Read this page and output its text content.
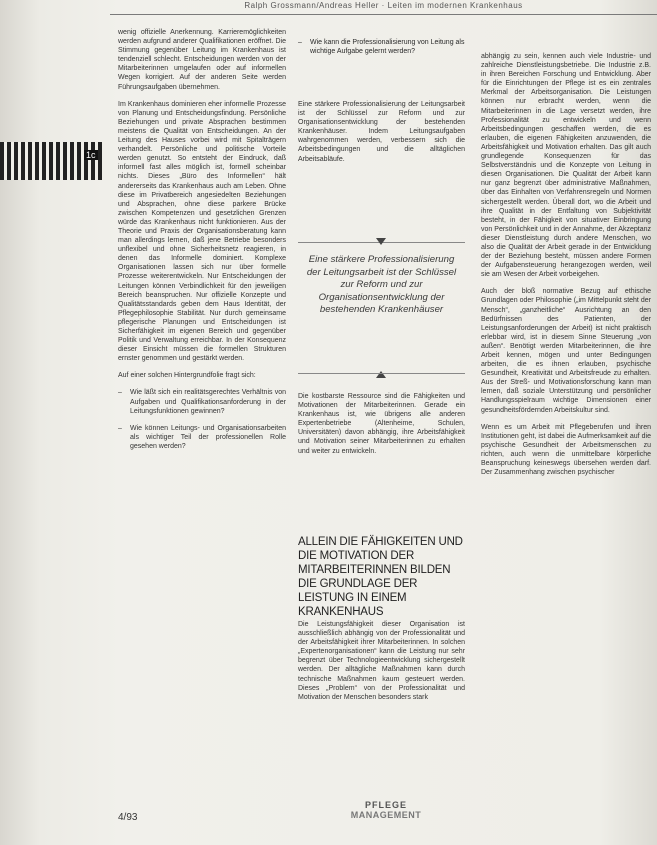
Ralph Grossmann/Andreas Heller · Leiten im modernen Krankenhaus
1c

wenig offizielle Anerkennung. Karrieremöglichkeiten werden aufgrund anderer Qualifikationen eröffnet. Die Stimmung gegenüber Leitung im Krankenhaus ist tendenziell schlecht. Entscheidungen werden von der Mitarbeiterinnen umgelaufen oder auf informellen Wegen korrigiert. Auf der anderen Seite werden Führungsaufgaben übernehmen.

Im Krankenhaus dominieren eher informelle Prozesse von Planung und Entscheidungsfindung. Persönliche Beziehungen und private Absprachen bestimmen meistens die Qualität von Entscheidungen. An der Leitung des Hauses vorbei wird mit Spitalträgern verhandelt. Persönliche und politische Vorteile werden genutzt. So entsteht der Eindruck, daß informell fast alles möglich ist, formell scheinbar nichts. Dieses „Büro des Informellen“ hält andererseits das Krankenhaus auch am Leben. Ohne diese im Privatbereich angesiedelten Beziehungen und Absprachen, ohne diese parkere Brücke zwischen Kompetenzen und gesetzlichen Grenzen würde das Krankenhaus nicht funktionieren. Aus der Theorie und Praxis der Organisationsberatung kann man allerdings lernen, daß jene Betriebe besonders unflexibel und ohne Sicherheitsnetz reagieren, in denen das Informelle dominiert. Komplexe Organisationen lassen sich nur über formelle Prozesse weiterentwickeln. Nur Entscheidungen der Leitungen können Verbindlichkeit für den jeweiligen Bereich beanspruchen. Nur offizielle Konzepte und Qualitätsstandards geben dem Haus Identität, der Pflegephilosophie Stabilität. Nur durch gemeinsame pflegerische Planungen und Entscheidungen ist Sicherfähigkeit im eigenen Bereich und gegenüber Politik und Verwaltung erreichbar. In der Konsequenz dieser Einsicht müssen die formellen Strukturen ernster genommen und gestärkt werden.

Auf einer solchen Hintergrundfolie fragt sich:

– Wie läßt sich ein realitätsgerechtes Verhältnis von Aufgaben und Qualifikationsanforderung in der Leitungsfunktionen gewinnen?
– Wie können Leitungs- und Organisationsarbeiten als wichtiger Teil der professionellen Rolle gesehen werden?
– Wie kann die Professionalisierung von Leitung als wichtige Aufgabe gelernt werden?

Eine stärkere Professionalisierung der Leitungsarbeit ist der Schlüssel zur Reform und zur Organisationsentwicklung der bestehenden Krankenhäuser. Indem Leitungsaufgaben wahrgenommen werden, verbessern sich die Arbeitsbedingungen und die alltäglichen Arbeitsabläufe.

Eine stärkere Professionalisierung der Leitungsarbeit ist der Schlüssel zur Reform und zur Organisationsentwicklung der bestehenden Krankenhäuser

Die kostbarste Ressource sind die Fähigkeiten und Motivationen der Mitarbeiterinnen. Gerade ein Krankenhaus ist, wie übrigens alle anderen Expertenbetriebe (Altenheime, Schulen, Universitäten) davon abhängig, ihre Arbeitsfähigkeit und Motivation seiner Mitarbeiterinnen zu erhalten und weiter zu entwickeln.

ALLEIN DIE FÄHIGKEITEN UND DIE MOTIVATION DER MITARBEITERINNEN BILDEN DIE GRUNDLAGE DER LEISTUNG IN EINEM KRANKENHAUS

Die Leistungsfähigkeit dieser Organisation ist ausschließlich abhängig von der Professionalität und der Arbeitsfähigkeit ihrer Mitarbeiterinnen. In solchen „Expertenorganisationen“ kann die Leistung nur sehr begrenzt über Technologieentwicklung sichergestellt werden. Der alltägliche Maßnahmen kann durch technische Maßnahmen kaum gesteuert werden. Dieses „Problem“ von der Professionalität und Motivation der Menschen besonders stark

abhängig zu sein, kennen auch viele Industrie- und zahlreiche Dienstleistungsbetriebe. Die Industrie z.B. in ihren Bereichen Forschung und Entwicklung. Aber für die Einrichtungen der Pflege ist es ein zentrales Merkmal der Arbeitsorganisation. Die Leistungen können nur erbracht werden, wenn die Mitarbeiterinnen in die Lage versetzt werden, ihre Professionalität zu entwickeln und wenn Arbeitsbedingungen geschaffen werden, die es erlauben, die eigenen Fähigkeiten anzuwenden, die Arbeitsfähigkeit und Motivation erhalten. Das gilt auch grundlegende Konsequenzen für das Selbstverständnis und die Konzepte von Leitung in diesen Organisationen. Die Qualität der Arbeit kann nur ganz begrenzt über administrative Maßnahmen, über das Einhalten von Verfahrensregeln und Normen sichergestellt werden. Überall dort, wo die Arbeit und ihre Qualität in der Entfaltung von Subjektivität besteht, in der Fähigkeit von situativer Einbringung von Persönlichkeit und in der Annahme, der Akzeptanz dieser Dienstleistung durch andere Menschen, wo also die Qualität der Arbeit gerade in der Entwicklung der der Beziehung besteht, müssen andere Formen der Aufgabensteuerung herangezogen werden, weil sie am Wesen der Arbeit vorbeigehen.

Auch der bloß normative Bezug auf ethische Grundlagen oder Philosophie („im Mittelpunkt steht der Mensch“, „ganzheitliche“ Ausrichtung an den Bedürfnissen des Patienten, der Leistungsanforderungen der Arbeit) ist nicht praktisch erlebbar wird, ist in diesem Sinne Steuerung „von außen“. Benötigt werden Mitarbeiterinnen, die ihre Arbeit kennen, mögen und unter Bedingungen arbeiten, die es ihnen erlauben, psychische Gesundheit, Kreativität und Arbeitsfreude zu erhalten. Aus der Streß- und Motivationsforschung kann man lernen, daß soziale Unterstützung und persönlicher Handlungsspielraum wichtige Dimensionen einer gesundheitsfördernden Arbeitskultur sind.

Wenn es um Arbeit mit Pflegeberufen und ihren Institutionen geht, ist dabei die Aufmerksamkeit auf die psychische Gesundheit der Arbeitsmenschen zu richten, auch wenn die unmittelbare körperliche Beanspruchung keineswegs übersehen werden darf. Der Zusammenhang zwischen psychischer

4/93
PFLEGE
MANAGEMENT
